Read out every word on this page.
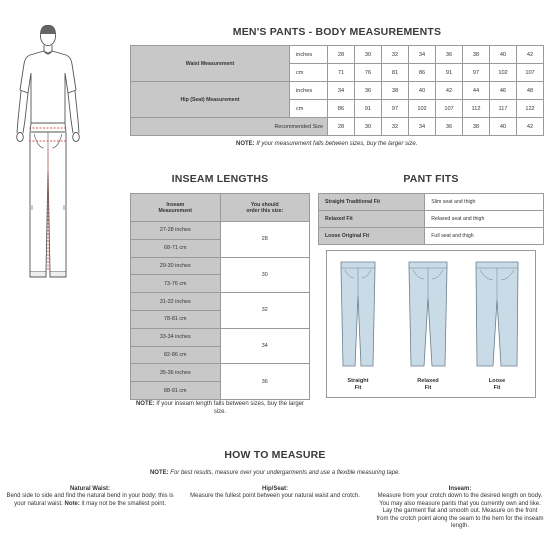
MEN'S PANTS - BODY MEASUREMENTS
Waist Measurement	inches	28	30	32	34	36	38	40	42
	cm	71	76	81	86	91	97	102	107
Hip (Seat) Measurement	inches	34	36	38	40	42	44	46	48
	cm	86	91	97	102	107	112	117	122
Recommended Size		28	30	32	34	36	38	40	42
NOTE: If your measurement falls between sizes, buy the larger size.
INSEAM LENGTHS
Inseam
Measurement	You should
order this size:
27-28 inches	28
68-71 cm	
29-30 inches	30
73-76 cm	
31-32 inches	32
78-81 cm	
33-34 inches	34
82-86 cm	
35-36 inches	36
88-91 cm	
NOTE: If your inseam length falls between sizes, buy the larger size.
PANT FITS
Straight Traditional Fit	Slim seat and thigh
Relaxed Fit	Relaxed seat and thigh
Loose Original Fit	Full seat and thigh
Straight
Fit
Relaxed
Fit
Loose
Fit
HOW TO MEASURE
NOTE: For best results, measure over your undergarments and use a flexible measuring tape.
Natural Waist:
Bend side to side and find the natural bend in your body; this is your natural waist. Note: it may not be the smallest point.
Hip/Seat:
Measure the fullest point between your natural waist and crotch.
Inseam:
Measure from your crotch down to the desired length on body. You may also measure pants that you currently own and like. Lay the garment flat and smooth out. Measure on the front from the crotch point along the seam to the hem for the inseam length.
